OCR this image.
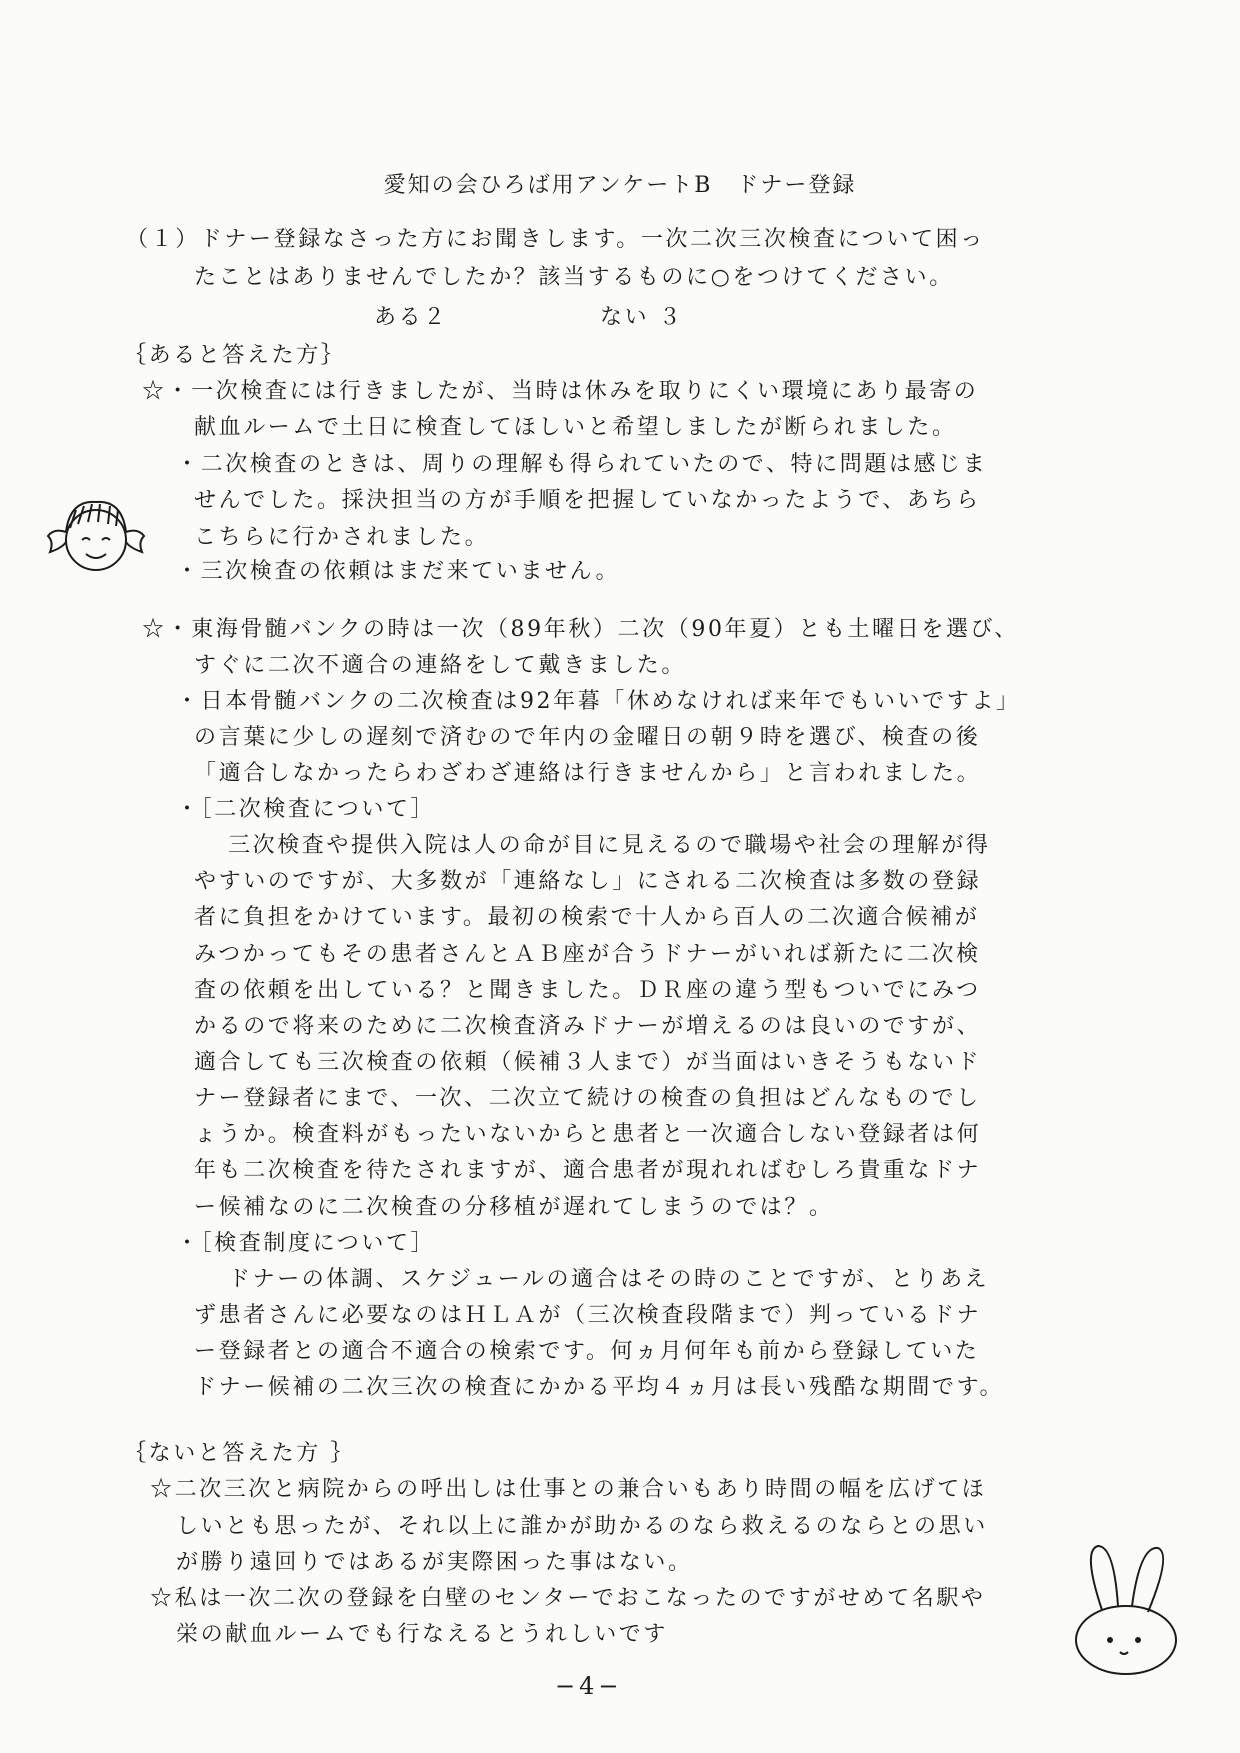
愛知の会ひろば用アンケートB　ドナー登録
（１）ドナー登録なさった方にお聞きします。一次二次三次検査について困っ
たことはありませんでしたか？該当するものに○をつけてください。
ある２	ない ３
｛あると答えた方｝
☆・一次検査には行きましたが、当時は休みを取りにくい環境にあり最寄の
献血ルームで土日に検査してほしいと希望しましたが断られました。
・二次検査のときは、周りの理解も得られていたので、特に問題は感じま
せんでした。採決担当の方が手順を把握していなかったようで、あちら
こちらに行かされました。
・三次検査の依頼はまだ来ていません。
☆・東海骨髄バンクの時は一次（89年秋）二次（90年夏）とも土曜日を選び、
すぐに二次不適合の連絡をして戴きました。
・日本骨髄バンクの二次検査は92年暮「休めなければ来年でもいいですよ」
の言葉に少しの遅刻で済むので年内の金曜日の朝９時を選び、検査の後
「適合しなかったらわざわざ連絡は行きませんから」と言われました。
・［二次検査について］
三次検査や提供入院は人の命が目に見えるので職場や社会の理解が得
やすいのですが、大多数が「連絡なし」にされる二次検査は多数の登録
者に負担をかけています。最初の検索で十人から百人の二次適合候補が
みつかってもその患者さんとＡＢ座が合うドナーがいれば新たに二次検
査の依頼を出している？と聞きました。ＤＲ座の違う型もついでにみつ
かるので将来のために二次検査済みドナーが増えるのは良いのですが、
適合しても三次検査の依頼（候補３人まで）が当面はいきそうもないド
ナー登録者にまで、一次、二次立て続けの検査の負担はどんなものでし
ょうか。検査料がもったいないからと患者と一次適合しない登録者は何
年も二次検査を待たされますが、適合患者が現れればむしろ貴重なドナ
ー候補なのに二次検査の分移植が遅れてしまうのでは？。
・［検査制度について］
ドナーの体調、スケジュールの適合はその時のことですが、とりあえ
ず患者さんに必要なのはＨＬＡが（三次検査段階まで）判っているドナ
ー登録者との適合不適合の検索です。何ヵ月何年も前から登録していた
ドナー候補の二次三次の検査にかかる平均４ヵ月は長い残酷な期間です。
｛ないと答えた方 ｝
☆二次三次と病院からの呼出しは仕事との兼合いもあり時間の幅を広げてほ
しいとも思ったが、それ以上に誰かが助かるのなら救えるのならとの思い
が勝り遠回りではあるが実際困った事はない。
☆私は一次二次の登録を白壁のセンターでおこなったのですがせめて名駅や
栄の献血ルームでも行なえるとうれしいです
−4−
